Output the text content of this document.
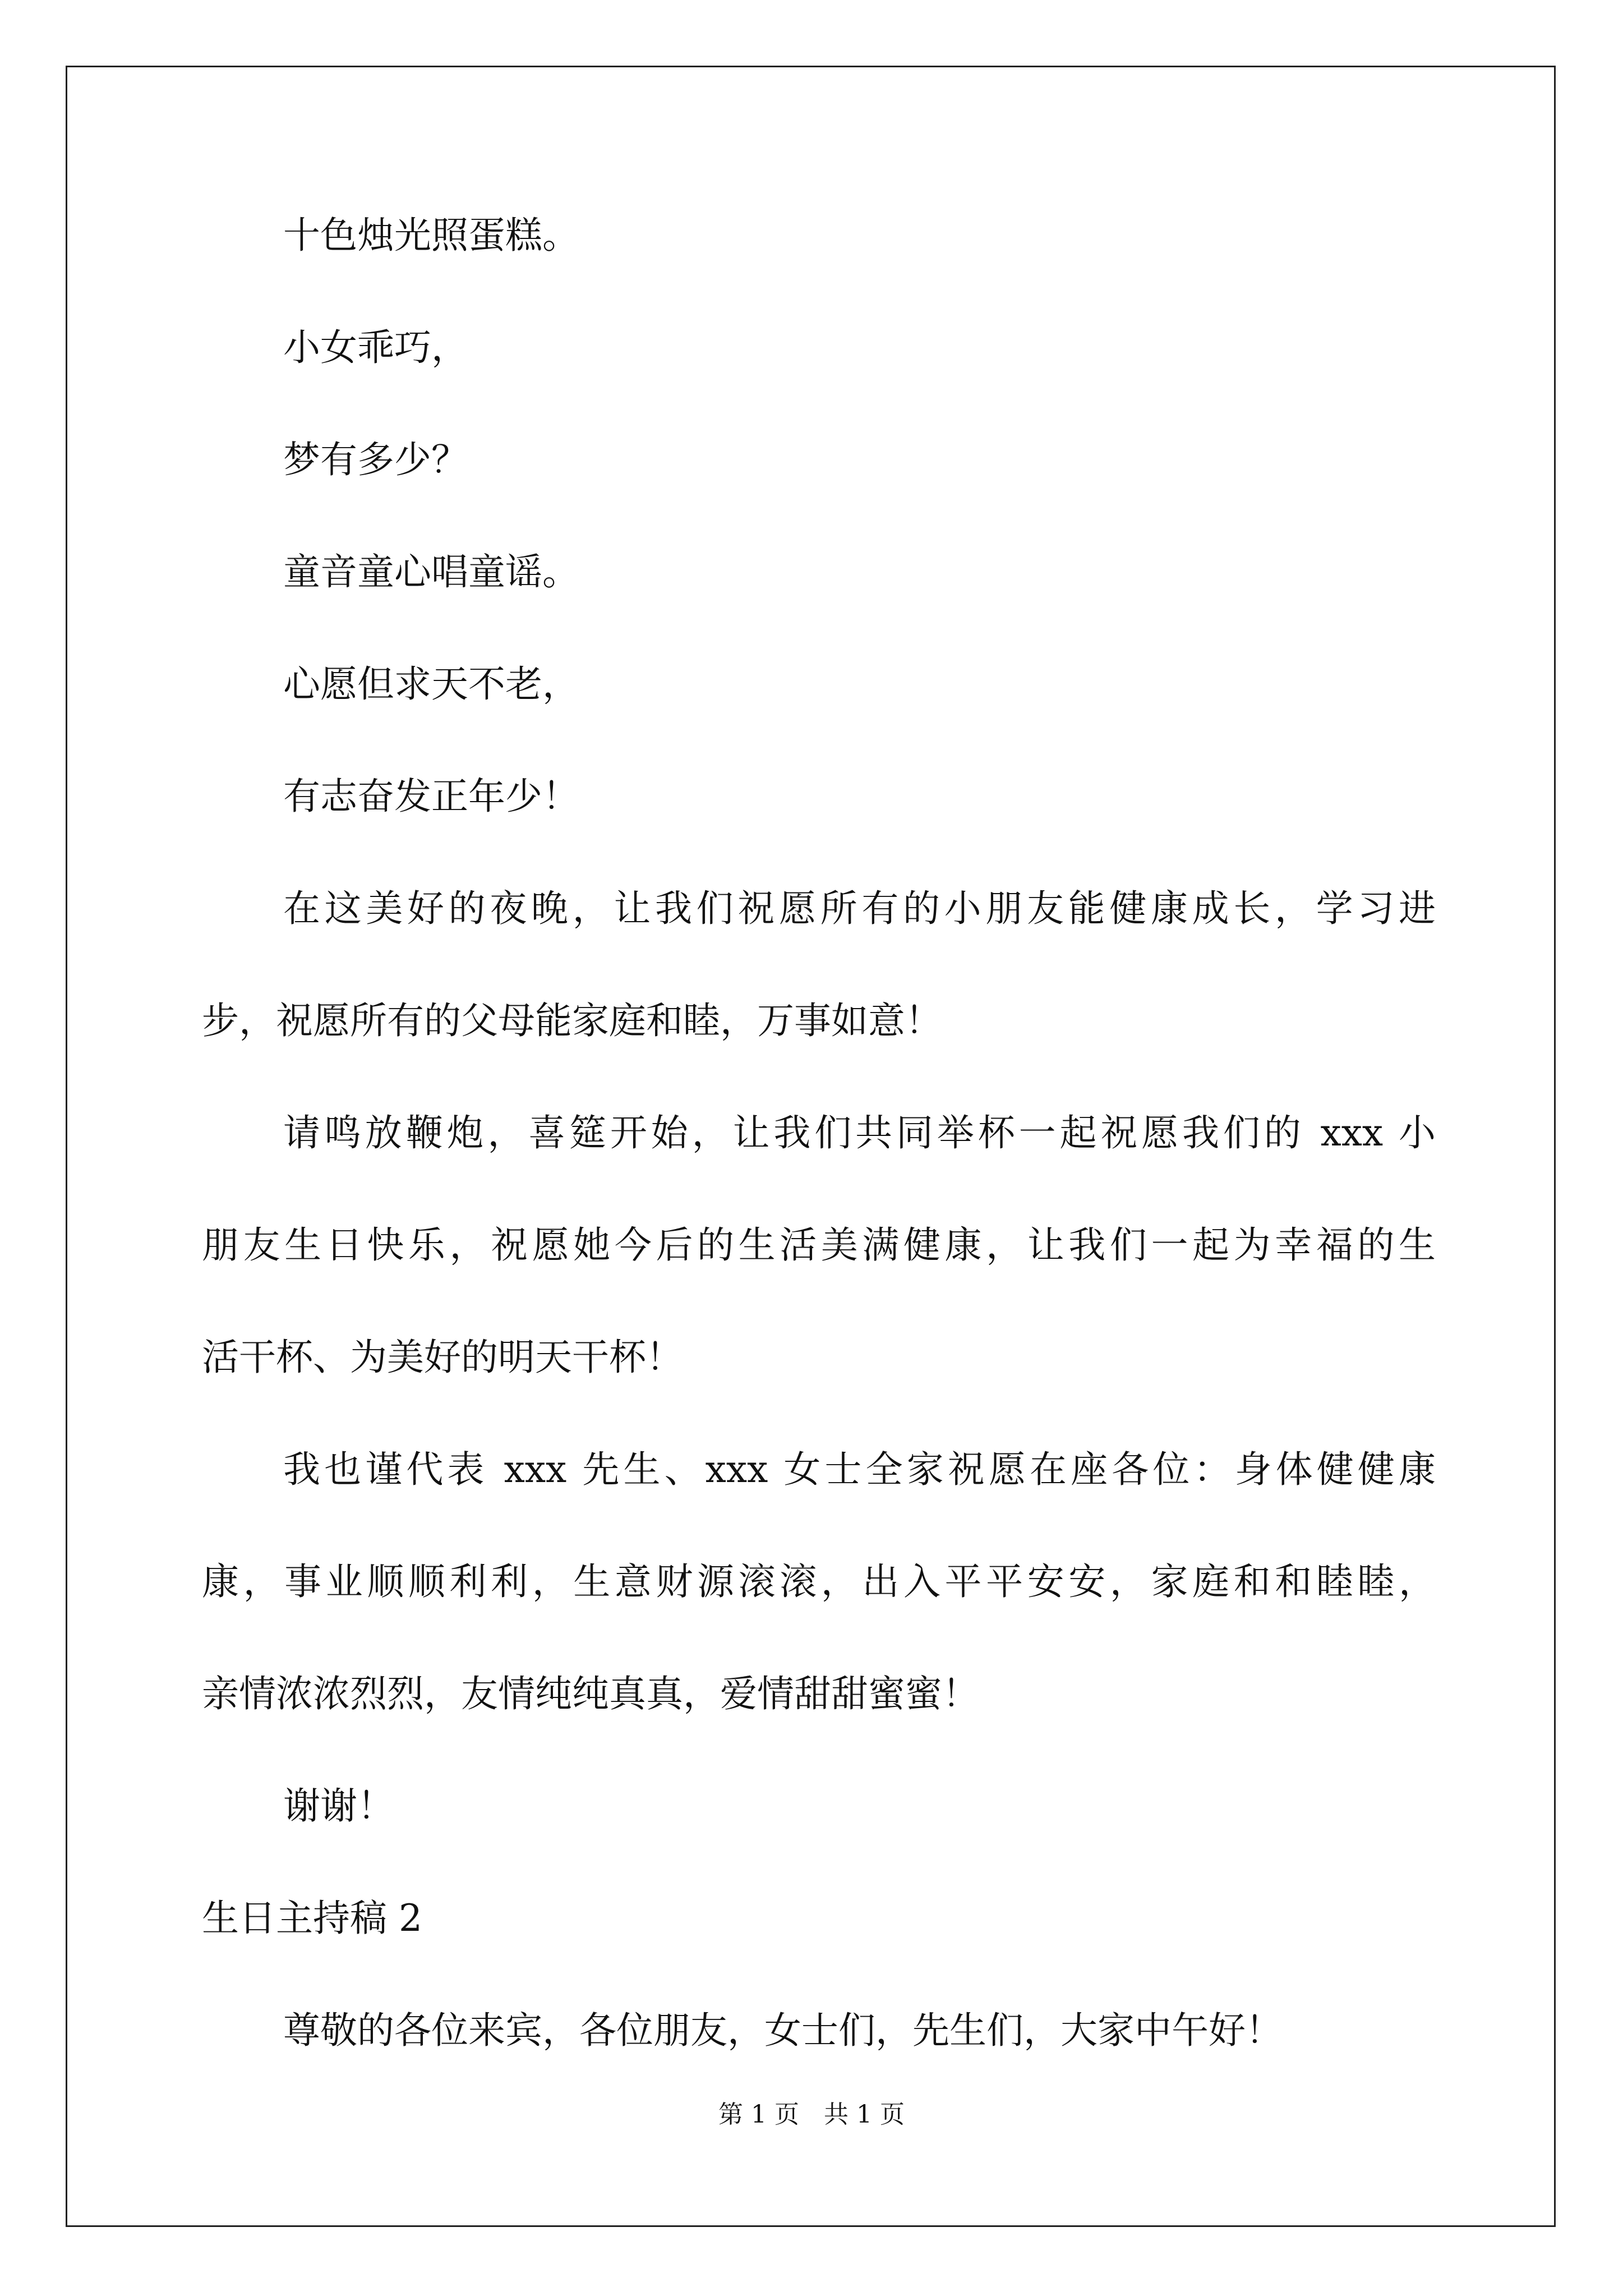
十色烛光照蛋糕。
小女乖巧，
梦有多少？
童音童心唱童谣。
心愿但求天不老，
有志奋发正年少！
在这美好的夜晚，让我们祝愿所有的小朋友能健康成长，学习进
步，祝愿所有的父母能家庭和睦，万事如意！
请鸣放鞭炮，喜筵开始，让我们共同举杯一起祝愿我们的 xxx 小
朋友生日快乐，祝愿她今后的生活美满健康，让我们一起为幸福的生
活干杯、为美好的明天干杯！
我也谨代表 xxx 先生、xxx 女士全家祝愿在座各位：身体健健康
康，事业顺顺利利，生意财源滚滚，出入平平安安，家庭和和睦睦，
亲情浓浓烈烈，友情纯纯真真，爱情甜甜蜜蜜！
谢谢！
生日主持稿 2
尊敬的各位来宾，各位朋友，女士们，先生们，大家中午好！
第 1 页　共 1 页
